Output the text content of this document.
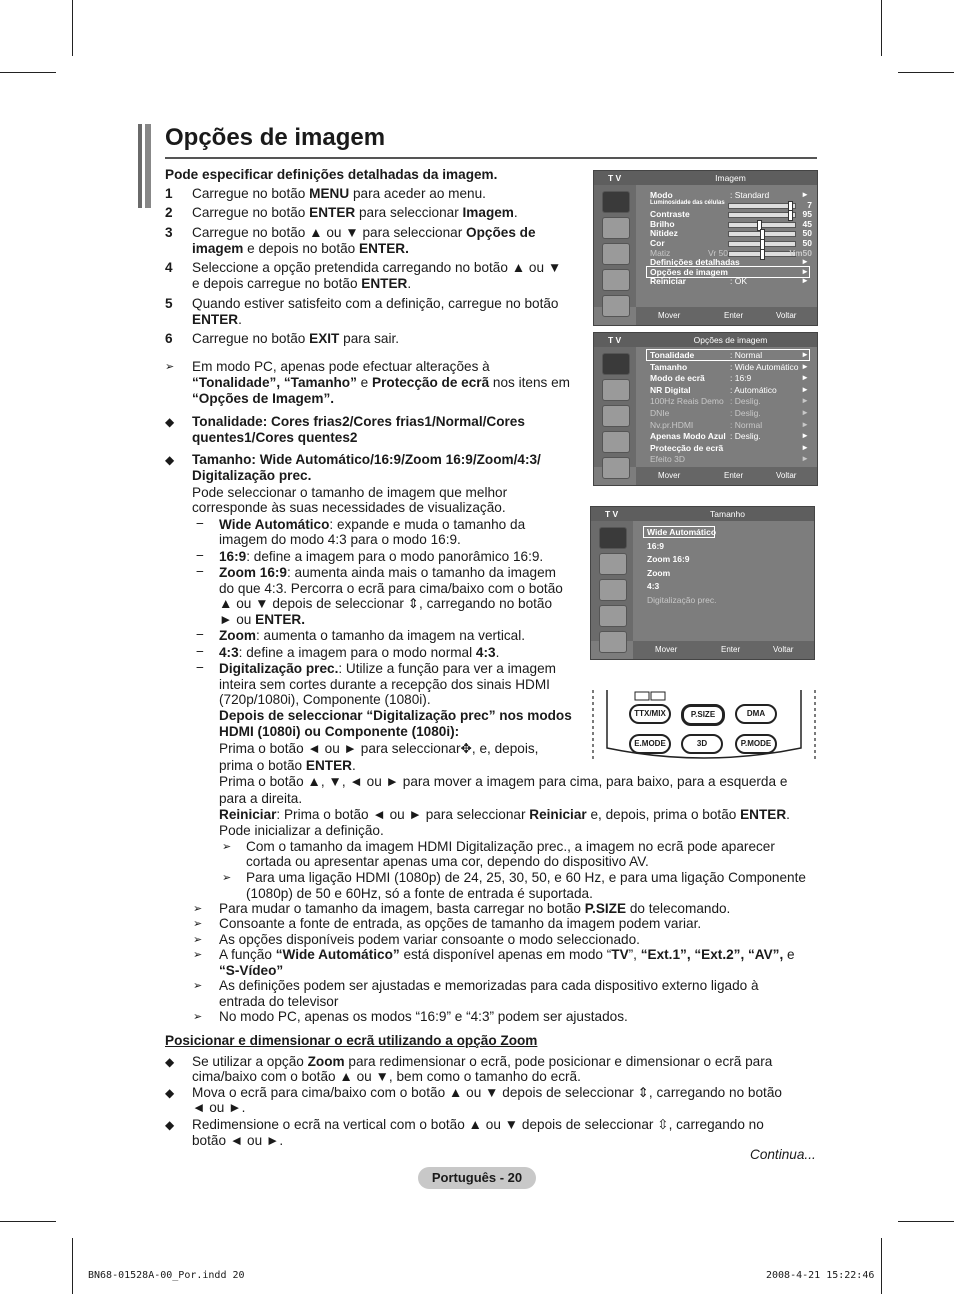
Opções de imagem
Pode especificar definições detalhadas da imagem.
1 Carregue no botão MENU para aceder ao menu.
2 Carregue no botão ENTER para seleccionar Imagem.
3 Carregue no botão ▲ ou ▼ para seleccionar Opções de
imagem e depois no botão ENTER.
4 Seleccione a opção pretendida carregando no botão ▲ ou ▼
e depois carregue no botão ENTER.
5 Quando estiver satisfeito com a definição, carregue no botão
ENTER.
6 Carregue no botão EXIT para sair.
➢ Em modo PC, apenas pode efectuar alterações à
“Tonalidade”, “Tamanho” e Protecção de ecrã nos itens em
“Opções de Imagem”.
◆ Tonalidade: Cores frias2/Cores frias1/Normal/Cores
quentes1/Cores quentes2
◆ Tamanho: Wide Automático/16:9/Zoom 16:9/Zoom/4:3/
Digitalização prec.
Pode seleccionar o tamanho de imagem que melhor
corresponde às suas necessidades de visualização.
− Wide Automático: expande e muda o tamanho da
imagem do modo 4:3 para o modo 16:9.
− 16:9: define a imagem para o modo panorâmico 16:9.
− Zoom 16:9: aumenta ainda mais o tamanho da imagem
do que 4:3. Percorra o ecrã para cima/baixo com o botão
▲ ou ▼ depois de seleccionar ⇕, carregando no botão
► ou ENTER.
− Zoom: aumenta o tamanho da imagem na vertical.
− 4:3: define a imagem para o modo normal 4:3.
− Digitalização prec.: Utilize a função para ver a imagem
inteira sem cortes durante a recepção dos sinais HDMI
(720p/1080i), Componente (1080i).
Depois de seleccionar “Digitalização prec” nos modos
HDMI (1080i) ou Componente (1080i):
Prima o botão ◄ ou ► para seleccionar✥, e, depois,
prima o botão ENTER.
Prima o botão ▲, ▼, ◄ ou ► para mover a imagem para cima, para baixo, para a esquerda e
para a direita.
Reiniciar: Prima o botão ◄ ou ► para seleccionar Reiniciar e, depois, prima o botão ENTER.
Pode inicializar a definição.
➢ Com o tamanho da imagem HDMI Digitalização prec., a imagem no ecrã pode aparecer
cortada ou apresentar apenas uma cor, dependo do dispositivo AV.
➢ Para uma ligação HDMI (1080p) de 24, 25, 30, 50, e 60 Hz, e para uma ligação Componente
(1080p) de 50 e 60Hz, só a fonte de entrada é suportada.
➢ Para mudar o tamanho da imagem, basta carregar no botão P.SIZE do telecomando.
➢ Consoante a fonte de entrada, as opções de tamanho da imagem podem variar.
➢ As opções disponíveis podem variar consoante o modo seleccionado.
➢ A função “Wide Automático” está disponível apenas em modo “TV”, “Ext.1”, “Ext.2”, “AV”, e
“S-Vídeo”
➢ As definições podem ser ajustadas e memorizadas para cada dispositivo externo ligado à
entrada do televisor
➢ No modo PC, apenas os modos “16:9” e “4:3” podem ser ajustados.
Posicionar e dimensionar o ecrã utilizando a opção Zoom
◆ Se utilizar a opção Zoom para redimensionar o ecrã, pode posicionar e dimensionar o ecrã para
cima/baixo com o botão ▲ ou ▼, bem como o tamanho do ecrã.
◆ Mova o ecrã para cima/baixo com o botão ▲ ou ▼ depois de seleccionar ⇕, carregando no botão
◄ ou ►.
◆ Redimensione o ecrã na vertical com o botão ▲ ou ▼ depois de seleccionar ⇳, carregando no
botão ◄ ou ►.
Continua...
Português - 20
BN68-01528A-00_Por.indd 20	2008-4-21 15:22:46
T V	Imagem
Modo	: Standard	►
Luminosidade das células	7
Contraste	95
Brilho	45
Nitidez	50
Cor	50
Matiz	Vr 50	Vm50
Definições detalhadas	►
Opções de imagem	►
Reiniciar	: OK	►
Mover	Enter	Voltar
T V	Opções de imagem
Tonalidade	: Normal	►
Tamanho	: Wide Automático ►
Modo de ecrã	: 16:9	►
NR Digital	: Automático	►
100Hz Reais Demo : Deslig.	►
DNIe	: Deslig.	►
Nv.pr.HDMI	: Normal	►
Apenas Modo Azul : Deslig.	►
Protecção de ecrã	►
Efeito 3D	►
Mover	Enter	Voltar
T V	Tamanho
Wide Automático
16:9
Zoom 16:9
Zoom
4:3
Digitalização prec.
Mover	Enter	Voltar
TTX/MIX	P.SIZE	DMA
E.MODE	3D	P.MODE
